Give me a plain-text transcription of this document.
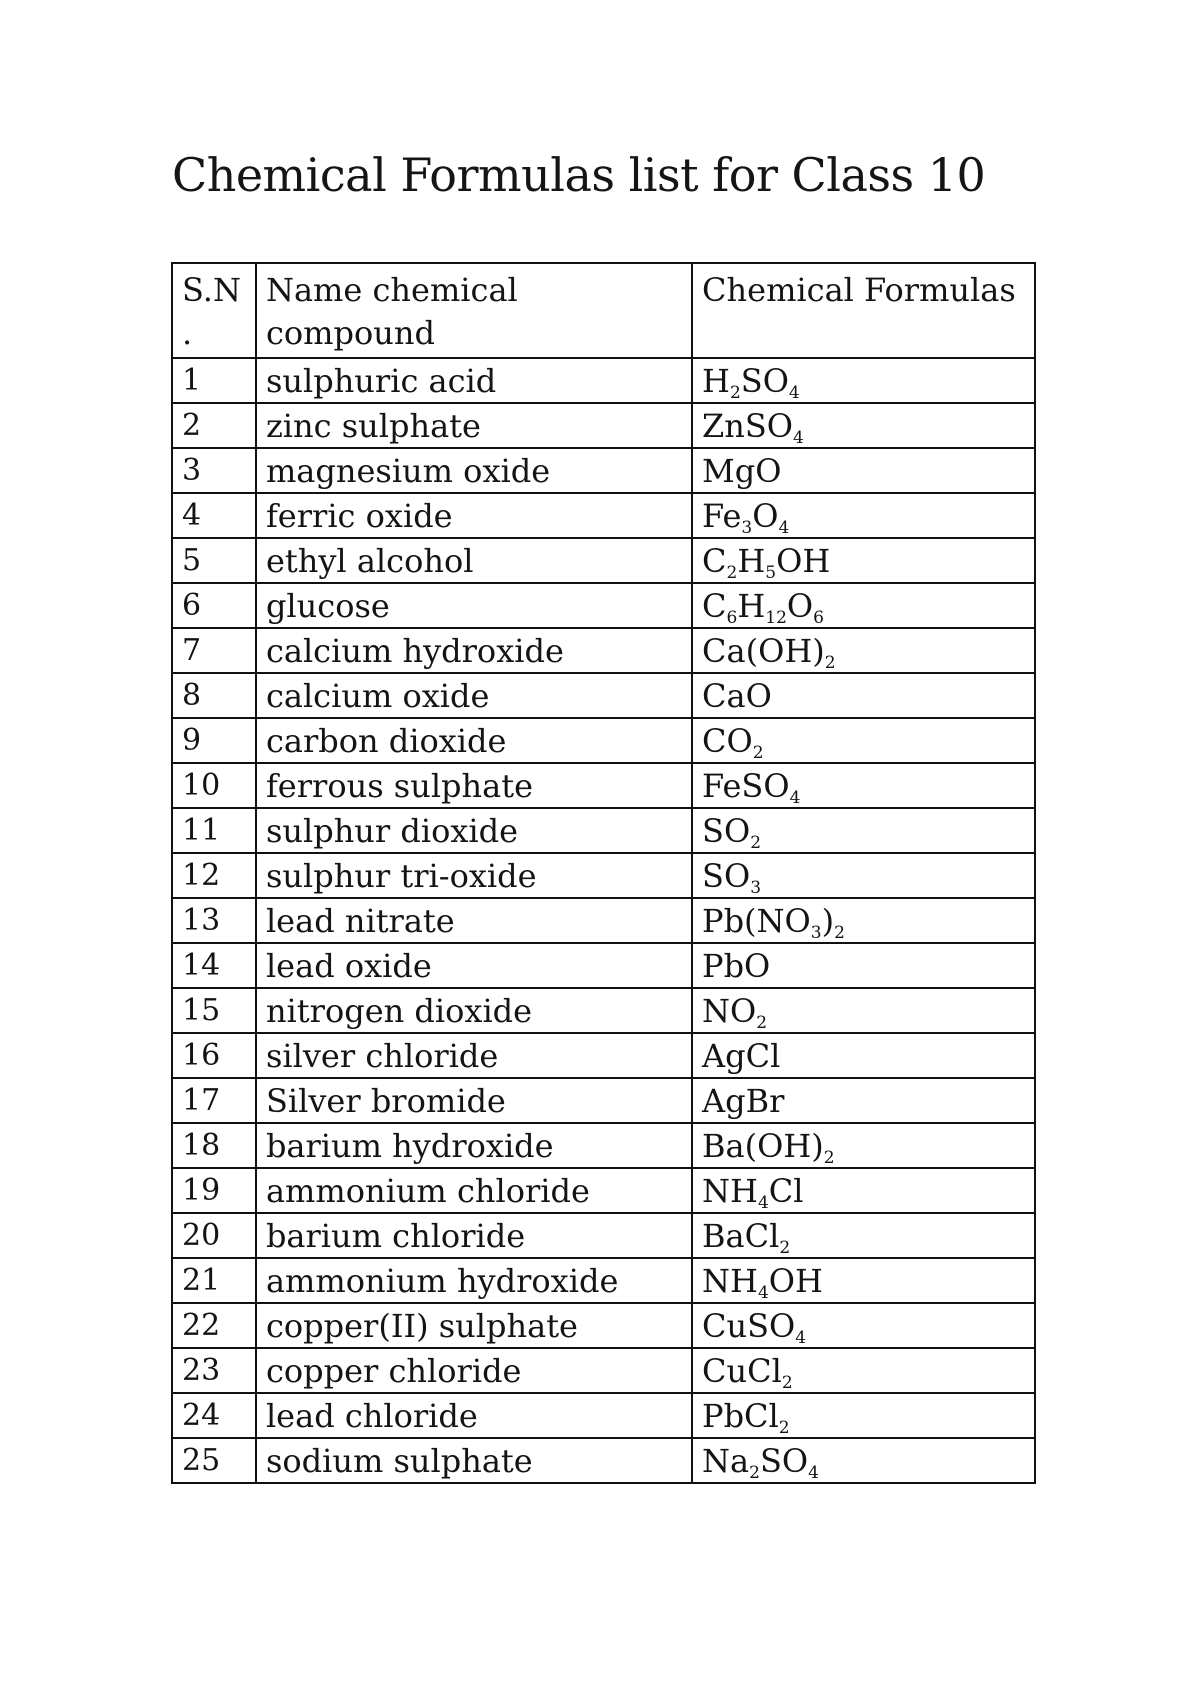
Chemical Formulas list for Class 10
S.N .	Name chemical compound	Chemical Formulas
1	sulphuric acid	$H_2SO_4$
2	zinc sulphate	ZnSO$_4$
3	magnesium oxide	MgO
4	ferric oxide	$Fe_3O_4$
5	ethyl alcohol	$C_2H_5OH$
6	glucose	$C_6H_{12}O_6$
7	calcium hydroxide	$Ca(OH)_2$
8	calcium oxide	CaO
9	carbon dioxide	$CO_2$
10	ferrous sulphate	FeSO$_4$
11	sulphur dioxide	$SO_2$
12	sulphur tri-oxide	$SO_3$
13	lead nitrate	$Pb(NO_3)_2$
14	lead oxide	PbO
15	nitrogen dioxide	$NO_2$
16	silver chloride	AgCl
17	Silver bromide	AgBr
18	barium hydroxide	$Ba(OH)_2$
19	ammonium chloride	$NH_4Cl$
20	barium chloride	BaCl$_2$
21	ammonium hydroxide	$NH_4OH$
22	copper(II) sulphate	CuSO$_4$
23	copper chloride	CuCl$_2$
24	lead chloride	PbCl$_2$
25	sodium sulphate	$Na_2SO_4$
